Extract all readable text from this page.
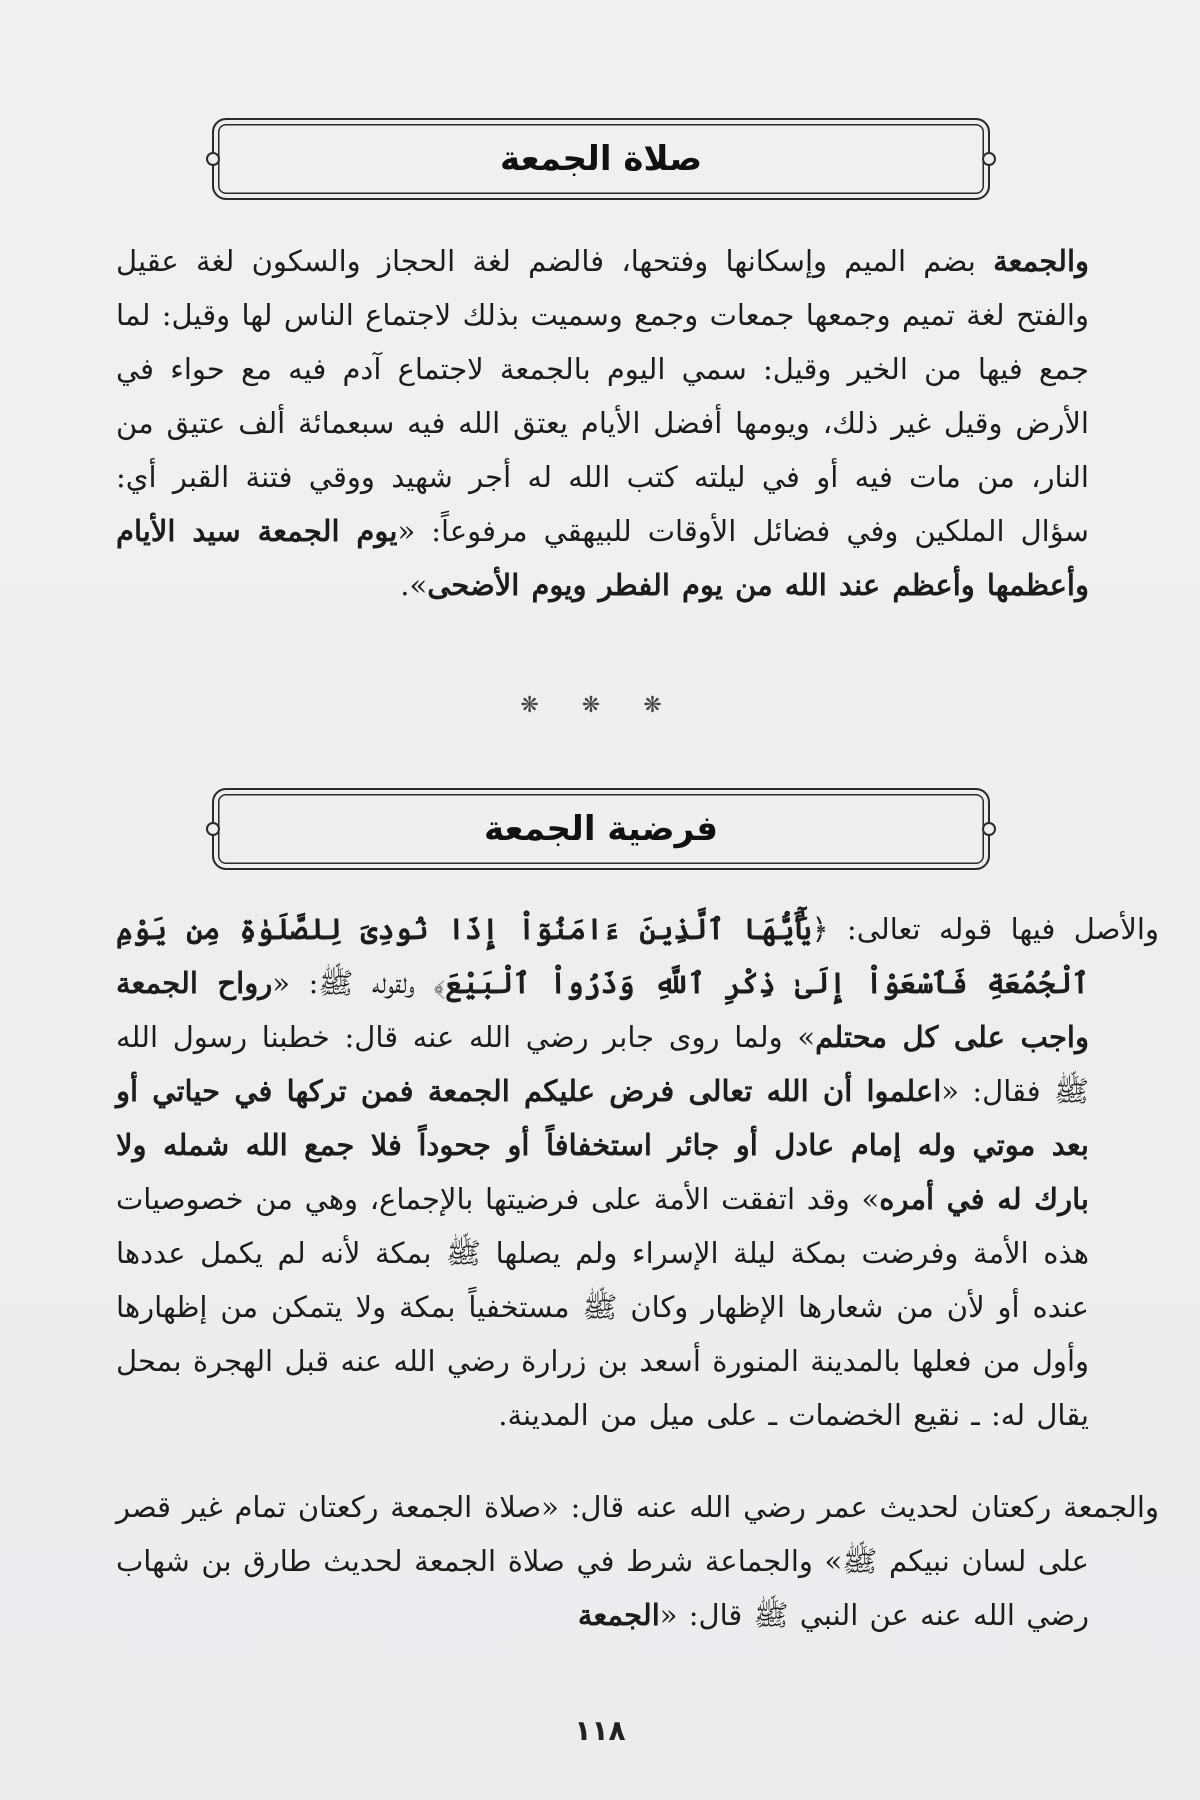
صلاة الجمعة

والجمعة بضم الميم وإسكانها وفتحها، فالضم لغة الحجاز والسكون لغة عقيل والفتح لغة تميم وجمعها جمعات وجمع وسميت بذلك لاجتماع الناس لها وقيل: لما جمع فيها من الخير وقيل: سمي اليوم بالجمعة لاجتماع آدم فيه مع حواء في الأرض وقيل غير ذلك، ويومها أفضل الأيام يعتق الله فيه سبعمائة ألف عتيق من النار، من مات فيه أو في ليلته كتب الله له أجر شهيد ووقي فتنة القبر أي: سؤال الملكين وفي فضائل الأوقات للبيهقي مرفوعاً: «يوم الجمعة سيد الأيام وأعظمها وأعظم عند الله من يوم الفطر ويوم الأضحى».

❋ ❋ ❋
فرضية الجمعة

والأصل فيها قوله تعالى: ﴿يَٰٓأَيُّهَا ٱلَّذِينَ ءَامَنُوٓاْ إِذَا نُودِىَ لِلصَّلَوٰةِ مِن يَوْمِ ٱلْجُمُعَةِ فَٱسْعَوْاْ إِلَىٰ ذِكْرِ ٱللَّهِ وَذَرُواْ ٱلْبَيْعَ﴾ ولقوله ﷺ: «رواح الجمعة واجب على كل محتلم» ولما روى جابر رضي الله عنه قال: خطبنا رسول الله ﷺ فقال: «اعلموا أن الله تعالى فرض عليكم الجمعة فمن تركها في حياتي أو بعد موتي وله إمام عادل أو جائر استخفافاً أو جحوداً فلا جمع الله شمله ولا بارك له في أمره» وقد اتفقت الأمة على فرضيتها بالإجماع، وهي من خصوصيات هذه الأمة وفرضت بمكة ليلة الإسراء ولم يصلها ﷺ بمكة لأنه لم يكمل عددها عنده أو لأن من شعارها الإظهار وكان ﷺ مستخفياً بمكة ولا يتمكن من إظهارها وأول من فعلها بالمدينة المنورة أسعد بن زرارة رضي الله عنه قبل الهجرة بمحل يقال له: ـ نقيع الخضمات ـ على ميل من المدينة.

والجمعة ركعتان لحديث عمر رضي الله عنه قال: «صلاة الجمعة ركعتان تمام غير قصر على لسان نبيكم ﷺ» والجماعة شرط في صلاة الجمعة لحديث طارق بن شهاب رضي الله عنه عن النبي ﷺ قال: «الجمعة

١١٨
